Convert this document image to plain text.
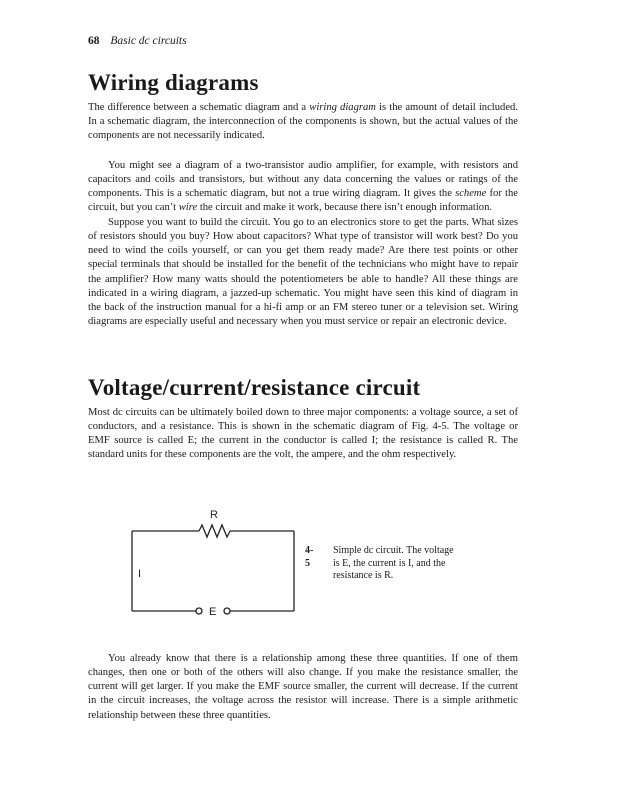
68 Basic dc circuits
Wiring diagrams

The difference between a schematic diagram and a wiring diagram is the amount of detail included. In a schematic diagram, the interconnection of the components is shown, but the actual values of the components are not necessarily indicated.

You might see a diagram of a two-transistor audio amplifier, for example, with resistors and capacitors and coils and transistors, but without any data concerning the values or ratings of the components. This is a schematic diagram, but not a true wiring diagram. It gives the scheme for the circuit, but you can’t wire the circuit and make it work, because there isn’t enough information.

Suppose you want to build the circuit. You go to an electronics store to get the parts. What sizes of resistors should you buy? How about capacitors? What type of transistor will work best? Do you need to wind the coils yourself, or can you get them ready made? Are there test points or other special terminals that should be installed for the benefit of the technicians who might have to repair the amplifier? How many watts should the potentiometers be able to handle? All these things are indicated in a wiring diagram, a jazzed-up schematic. You might have seen this kind of diagram in the back of the instruction manual for a hi-fi amp or an FM stereo tuner or a television set. Wiring diagrams are especially useful and necessary when you must service or repair an electronic device.

Voltage/current/resistance circuit

Most dc circuits can be ultimately boiled down to three major components: a voltage source, a set of conductors, and a resistance. This is shown in the schematic diagram of Fig. 4-5. The voltage or EMF source is called E; the current in the conductor is called I; the resistance is called R. The standard units for these components are the volt, the ampere, and the ohm respectively.

R
I
E
4-5
Simple dc circuit. The voltage is E, the current is I, and the resistance is R.

You already know that there is a relationship among these three quantities. If one of them changes, then one or both of the others will also change. If you make the resistance smaller, the current will get larger. If you make the EMF source smaller, the current will decrease. If the current in the circuit increases, the voltage across the resistor will increase. There is a simple arithmetic relationship between these three quantities.
